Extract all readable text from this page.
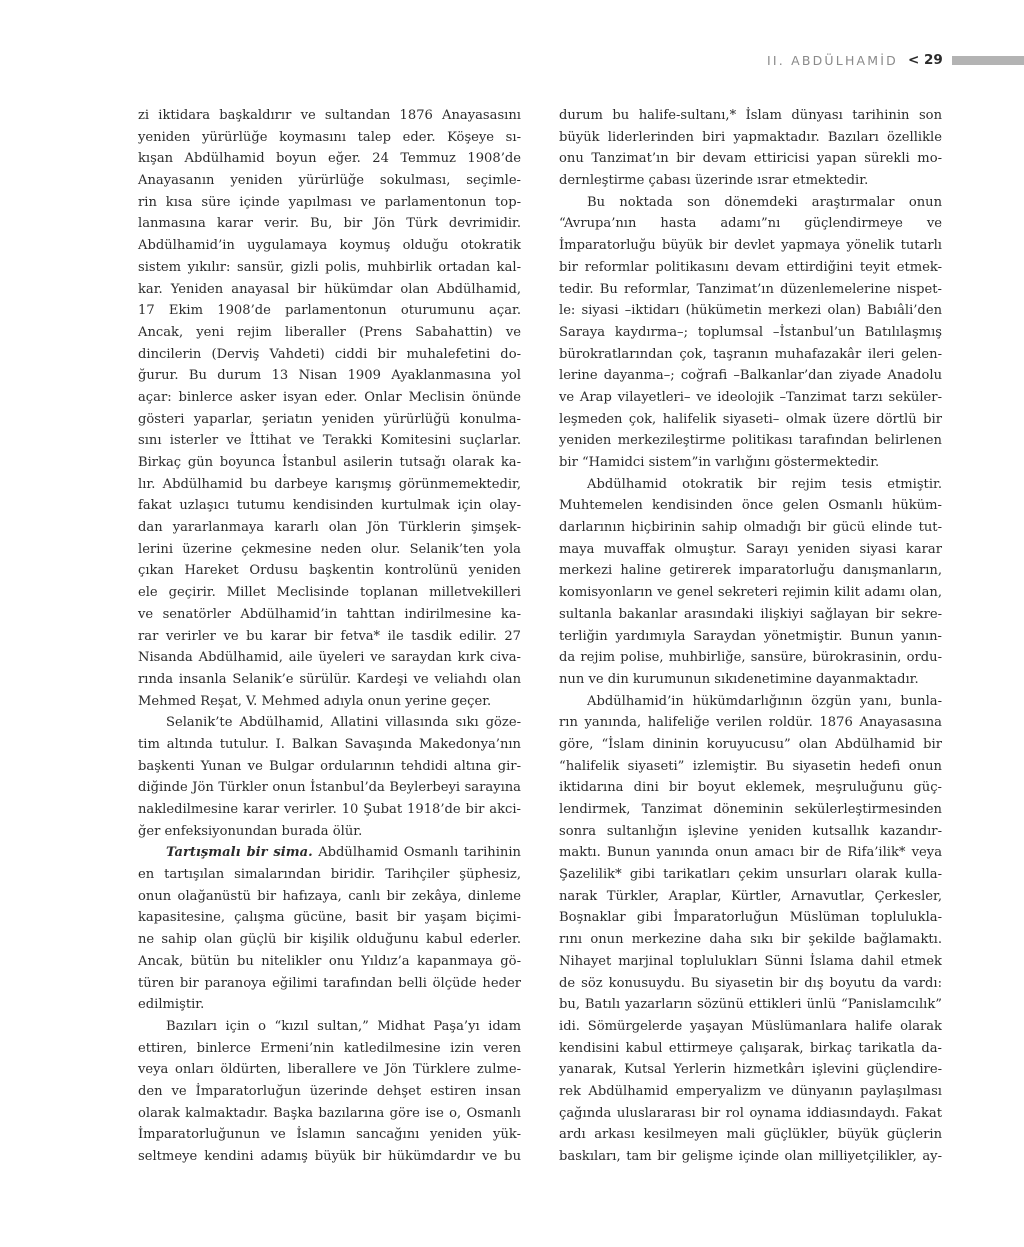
II. ABDÜLHAMİD < 29
zi iktidara başkaldırır ve sultandan 1876 Anayasasını
yeniden yürürlüğe koymasını talep eder. Köşeye sı-
kışan Abdülhamid boyun eğer. 24 Temmuz 1908’de
Anayasanın yeniden yürürlüğe sokulması, seçimle-
rin kısa süre içinde yapılması ve parlamentonun top-
lanmasına karar verir. Bu, bir Jön Türk devrimidir.
Abdülhamid’in uygulamaya koymuş olduğu otokratik
sistem yıkılır: sansür, gizli polis, muhbirlik ortadan kal-
kar. Yeniden anayasal bir hükümdar olan Abdülhamid,
17 Ekim 1908’de parlamentonun oturumunu açar.
Ancak, yeni rejim liberaller (Prens Sabahattin) ve
dincilerin (Derviş Vahdeti) ciddi bir muhalefetini do-
ğurur. Bu durum 13 Nisan 1909 Ayaklanmasına yol
açar: binlerce asker isyan eder. Onlar Meclisin önünde
gösteri yaparlar, şeriatın yeniden yürürlüğü konulma-
sını isterler ve İttihat ve Terakki Komitesini suçlarlar.
Birkaç gün boyunca İstanbul asilerin tutsağı olarak ka-
lır. Abdülhamid bu darbeye karışmış görünmemektedir,
fakat uzlaşıcı tutumu kendisinden kurtulmak için olay-
dan yararlanmaya kararlı olan Jön Türklerin şimşek-
lerini üzerine çekmesine neden olur. Selanik’ten yola
çıkan Hareket Ordusu başkentin kontrolünü yeniden
ele geçirir. Millet Meclisinde toplanan milletvekilleri
ve senatörler Abdülhamid’in tahttan indirilmesine ka-
rar verirler ve bu karar bir fetva* ile tasdik edilir. 27
Nisanda Abdülhamid, aile üyeleri ve saraydan kırk civa-
rında insanla Selanik’e sürülür. Kardeşi ve veliahdı olan
Mehmed Reşat, V. Mehmed adıyla onun yerine geçer.
Selanik’te Abdülhamid, Allatini villasında sıkı göze-
tim altında tutulur. I. Balkan Savaşında Makedonya’nın
başkenti Yunan ve Bulgar ordularının tehdidi altına gir-
diğinde Jön Türkler onun İstanbul’da Beylerbeyi sarayına
nakledilmesine karar verirler. 10 Şubat 1918’de bir akci-
ğer enfeksiyonundan burada ölür.
Tartışmalı bir sima. Abdülhamid Osmanlı tarihinin
en tartışılan simalarından biridir. Tarihçiler şüphesiz,
onun olağanüstü bir hafızaya, canlı bir zekâya, dinleme
kapasitesine, çalışma gücüne, basit bir yaşam biçimi-
ne sahip olan güçlü bir kişilik olduğunu kabul ederler.
Ancak, bütün bu nitelikler onu Yıldız’a kapanmaya gö-
türen bir paranoya eğilimi tarafından belli ölçüde heder
edilmiştir.
Bazıları için o “kızıl sultan,” Midhat Paşa’yı idam
ettiren, binlerce Ermeni’nin katledilmesine izin veren
veya onları öldürten, liberallere ve Jön Türklere zulme-
den ve İmparatorluğun üzerinde dehşet estiren insan
olarak kalmaktadır. Başka bazılarına göre ise o, Osmanlı
İmparatorluğunun ve İslamın sancağını yeniden yük-
seltmeye kendini adamış büyük bir hükümdardır ve bu
durum bu halife-sultanı,* İslam dünyası tarihinin son
büyük liderlerinden biri yapmaktadır. Bazıları özellikle
onu Tanzimat’ın bir devam ettiricisi yapan sürekli mo-
dernleştirme çabası üzerinde ısrar etmektedir.
Bu noktada son dönemdeki araştırmalar onun
“Avrupa’nın hasta adamı”nı güçlendirmeye ve
İmparatorluğu büyük bir devlet yapmaya yönelik tutarlı
bir reformlar politikasını devam ettirdiğini teyit etmek-
tedir. Bu reformlar, Tanzimat’ın düzenlemelerine nispet-
le: siyasi –iktidarı (hükümetin merkezi olan) Babıâli’den
Saraya kaydırma–; toplumsal –İstanbul’un Batılılaşmış
bürokratlarından çok, taşranın muhafazakâr ileri gelen-
lerine dayanma–; coğrafi –Balkanlar’dan ziyade Anadolu
ve Arap vilayetleri– ve ideolojik –Tanzimat tarzı seküler-
leşmeden çok, halifelik siyaseti– olmak üzere dörtlü bir
yeniden merkezileştirme politikası tarafından belirlenen
bir “Hamidci sistem”in varlığını göstermektedir.
Abdülhamid otokratik bir rejim tesis etmiştir.
Muhtemelen kendisinden önce gelen Osmanlı hüküm-
darlarının hiçbirinin sahip olmadığı bir gücü elinde tut-
maya muvaffak olmuştur. Sarayı yeniden siyasi karar
merkezi haline getirerek imparatorluğu danışmanların,
komisyonların ve genel sekreteri rejimin kilit adamı olan,
sultanla bakanlar arasındaki ilişkiyi sağlayan bir sekre-
terliğin yardımıyla Saraydan yönetmiştir. Bunun yanın-
da rejim polise, muhbirliğe, sansüre, bürokrasinin, ordu-
nun ve din kurumunun sıkıdenetimine dayanmaktadır.
Abdülhamid’in hükümdarlığının özgün yanı, bunla-
rın yanında, halifeliğe verilen roldür. 1876 Anayasasına
göre, “İslam dininin koruyucusu” olan Abdülhamid bir
“halifelik siyaseti” izlemiştir. Bu siyasetin hedefi onun
iktidarına dini bir boyut eklemek, meşruluğunu güç-
lendirmek, Tanzimat döneminin sekülerleştirmesinden
sonra sultanlığın işlevine yeniden kutsallık kazandır-
maktı. Bunun yanında onun amacı bir de Rifa’ilik* veya
Şazelilik* gibi tarikatları çekim unsurları olarak kulla-
narak Türkler, Araplar, Kürtler, Arnavutlar, Çerkesler,
Boşnaklar gibi İmparatorluğun Müslüman toplulukla-
rını onun merkezine daha sıkı bir şekilde bağlamaktı.
Nihayet marjinal toplulukları Sünni İslama dahil etmek
de söz konusuydu. Bu siyasetin bir dış boyutu da vardı:
bu, Batılı yazarların sözünü ettikleri ünlü “Panislamcılık”
idi. Sömürgelerde yaşayan Müslümanlara halife olarak
kendisini kabul ettirmeye çalışarak, birkaç tarikatla da-
yanarak, Kutsal Yerlerin hizmetkârı işlevini güçlendire-
rek Abdülhamid emperyalizm ve dünyanın paylaşılması
çağında uluslararası bir rol oynama iddiasındaydı. Fakat
ardı arkası kesilmeyen mali güçlükler, büyük güçlerin
baskıları, tam bir gelişme içinde olan milliyetçilikler, ay-
